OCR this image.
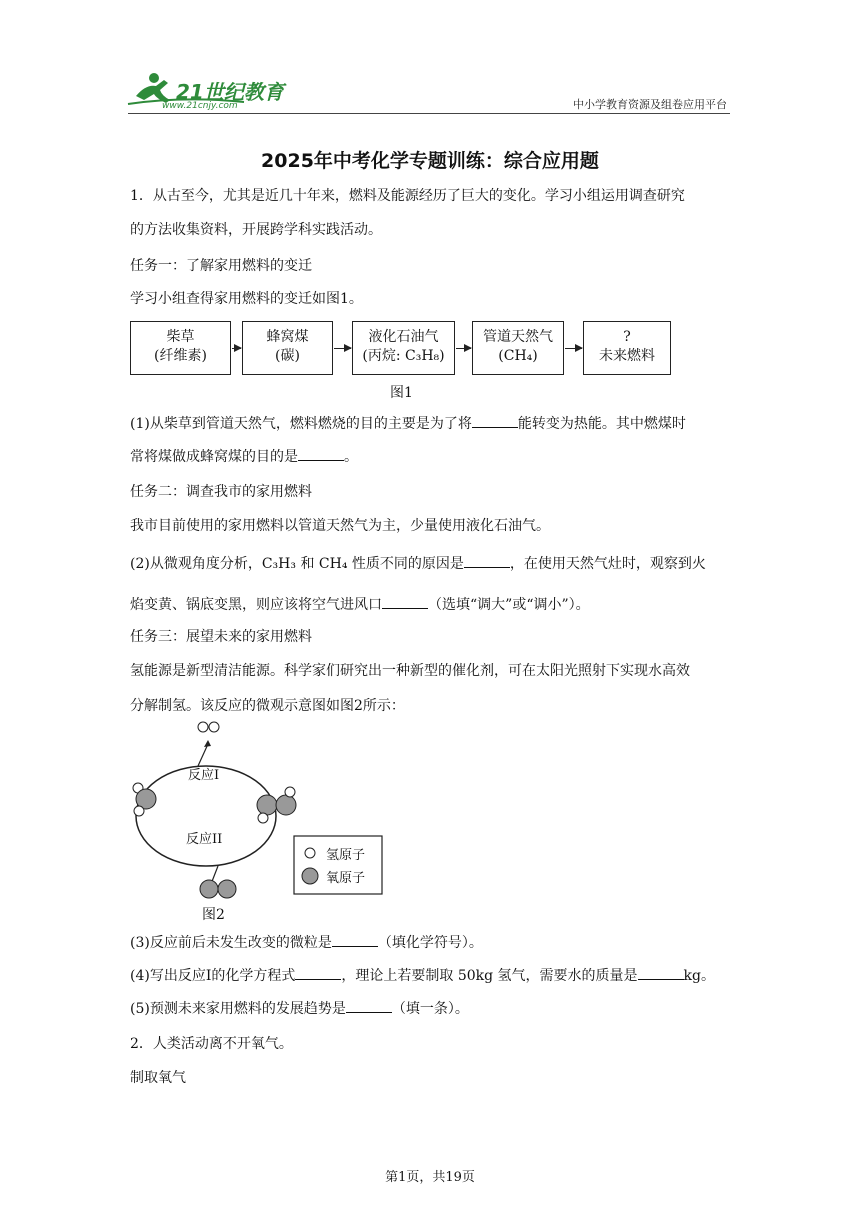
21世纪教育
www.21cnjy.com	中小学教育资源及组卷应用平台
2025年中考化学专题训练：综合应用题
1．从古至今，尤其是近几十年来，燃料及能源经历了巨大的变化。学习小组运用调查研究
的方法收集资料，开展跨学科实践活动。
任务一：了解家用燃料的变迁
学习小组查得家用燃料的变迁如图1。
柴草
(纤维素)
蜂窝煤
(碳)
液化石油气
(丙烷: C₃H₈)
管道天然气
(CH₄)
?
未来燃料
图1
(1)从柴草到管道天然气，燃料燃烧的目的主要是为了将	能转变为热能。其中燃煤时
常将煤做成蜂窝煤的目的是	。
任务二：调查我市的家用燃料
我市目前使用的家用燃料以管道天然气为主，少量使用液化石油气。
(2)从微观角度分析，C₃H₃ 和 CH₄ 性质不同的原因是	，在使用天然气灶时，观察到火
焰变黄、锅底变黑，则应该将空气进风口	（选填“调大”或“调小”）。
任务三：展望未来的家用燃料
氢能源是新型清洁能源。科学家们研究出一种新型的催化剂，可在太阳光照射下实现水高效
分解制氢。该反应的微观示意图如图2所示：
反应I
反应II
氢原子
氧原子
图2
(3)反应前后未发生改变的微粒是	（填化学符号）。
(4)写出反应Ⅰ的化学方程式	，理论上若要制取 50kg 氢气，需要水的质量是	kg。
(5)预测未来家用燃料的发展趋势是	（填一条）。
2．人类活动离不开氧气。
制取氧气
第1页，共19页
